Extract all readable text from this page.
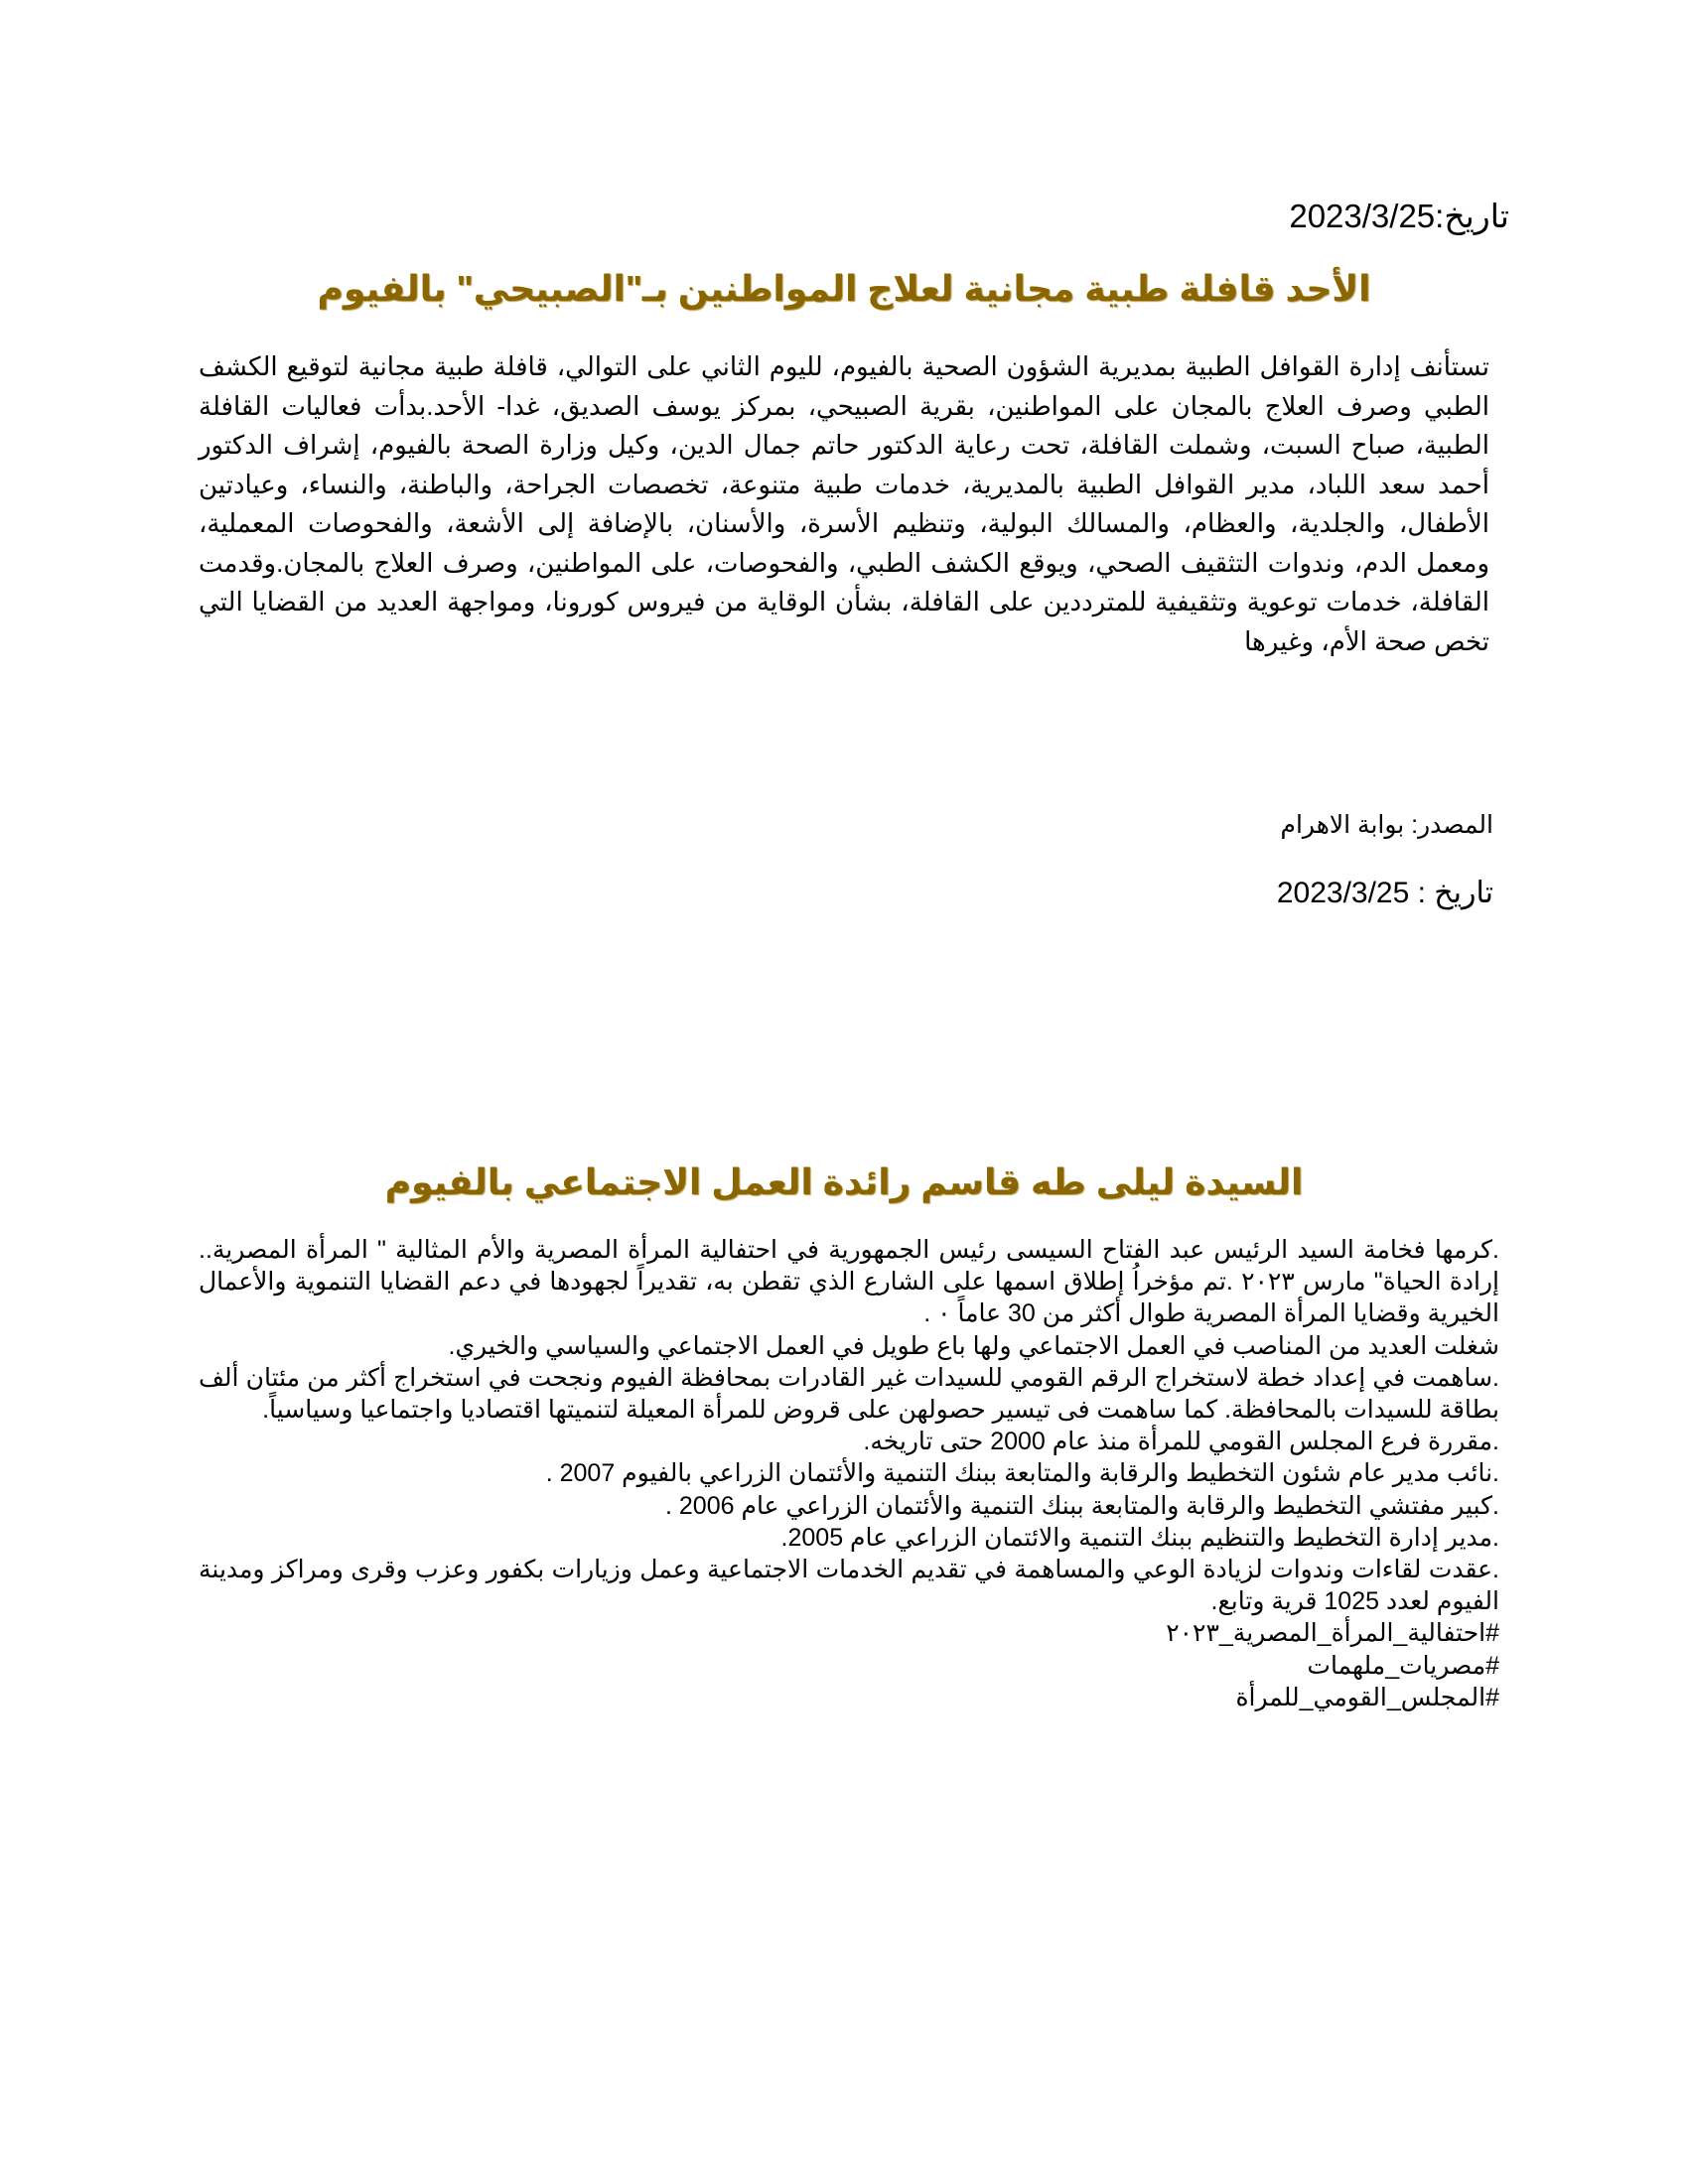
تاريخ:2023/3/25
الأحد قافلة طبية مجانية لعلاج المواطنين بـ"الصبيحي" بالفيوم

تستأنف إدارة القوافل الطبية بمديرية الشؤون الصحية بالفيوم، لليوم الثاني على التوالي، قافلة طبية مجانية لتوقيع الكشف الطبي وصرف العلاج بالمجان على المواطنين، بقرية الصبيحي، بمركز يوسف الصديق، غدا- الأحد.بدأت فعاليات القافلة الطبية، صباح السبت، وشملت القافلة، تحت رعاية الدكتور حاتم جمال الدين، وكيل وزارة الصحة بالفيوم، إشراف الدكتور أحمد سعد اللباد، مدير القوافل الطبية بالمديرية، خدمات طبية متنوعة، تخصصات الجراحة، والباطنة، والنساء، وعيادتين الأطفال، والجلدية، والعظام، والمسالك البولية، وتنظيم الأسرة، والأسنان، بالإضافة إلى الأشعة، والفحوصات المعملية، ومعمل الدم، وندوات التثقيف الصحي، ويوقع الكشف الطبي، والفحوصات، على المواطنين، وصرف العلاج بالمجان.وقدمت القافلة، خدمات توعوية وتثقيفية للمترددين على القافلة، بشأن الوقاية من فيروس كورونا، ومواجهة العديد من القضايا التي تخص صحة الأم، وغيرها

المصدر: بوابة الاهرام
تاريخ : 2023/3/25
السيدة ليلى طه قاسم رائدة العمل الاجتماعي بالفيوم

.كرمها فخامة السيد الرئيس عبد الفتاح السيسى رئيس الجمهورية في احتفالية المرأة المصرية والأم المثالية " المرأة المصرية.. إرادة الحياة" مارس ٢٠٢٣ .تم مؤخراُ إطلاق اسمها على الشارع الذي تقطن به، تقديراً لجهودها في دعم القضايا التنموية والأعمال الخيرية وقضايا المرأة المصرية طوال أكثر من 30 عاماً ٠ .

شغلت العديد من المناصب في العمل الاجتماعي ولها باع طويل في العمل الاجتماعي والسياسي والخيري.

.ساهمت في إعداد خطة لاستخراج الرقم القومي للسيدات غير القادرات بمحافظة الفيوم ونجحت في استخراج أكثر من مئتان ألف بطاقة للسيدات بالمحافظة. كما ساهمت فى تيسير حصولهن على قروض للمرأة المعيلة لتنميتها اقتصاديا واجتماعيا وسياسياً.

.مقررة فرع المجلس القومي للمرأة منذ عام 2000 حتى تاريخه.

.نائب مدير عام شئون التخطيط والرقابة والمتابعة ببنك التنمية والأئتمان الزراعي بالفيوم 2007 .

.كبير مفتشي التخطيط والرقابة والمتابعة ببنك التنمية والأئتمان الزراعي عام 2006 .

.مدير إدارة التخطيط والتنظيم ببنك التنمية والائتمان الزراعي عام 2005.

.عقدت لقاءات وندوات لزيادة الوعي والمساهمة في تقديم الخدمات الاجتماعية وعمل وزيارات بكفور وعزب وقرى ومراكز ومدينة الفيوم لعدد 1025 قرية وتابع.

#احتفالية_المرأة_المصرية_٢٠٢٣

#مصريات_ملهمات

#المجلس_القومي_للمرأة
